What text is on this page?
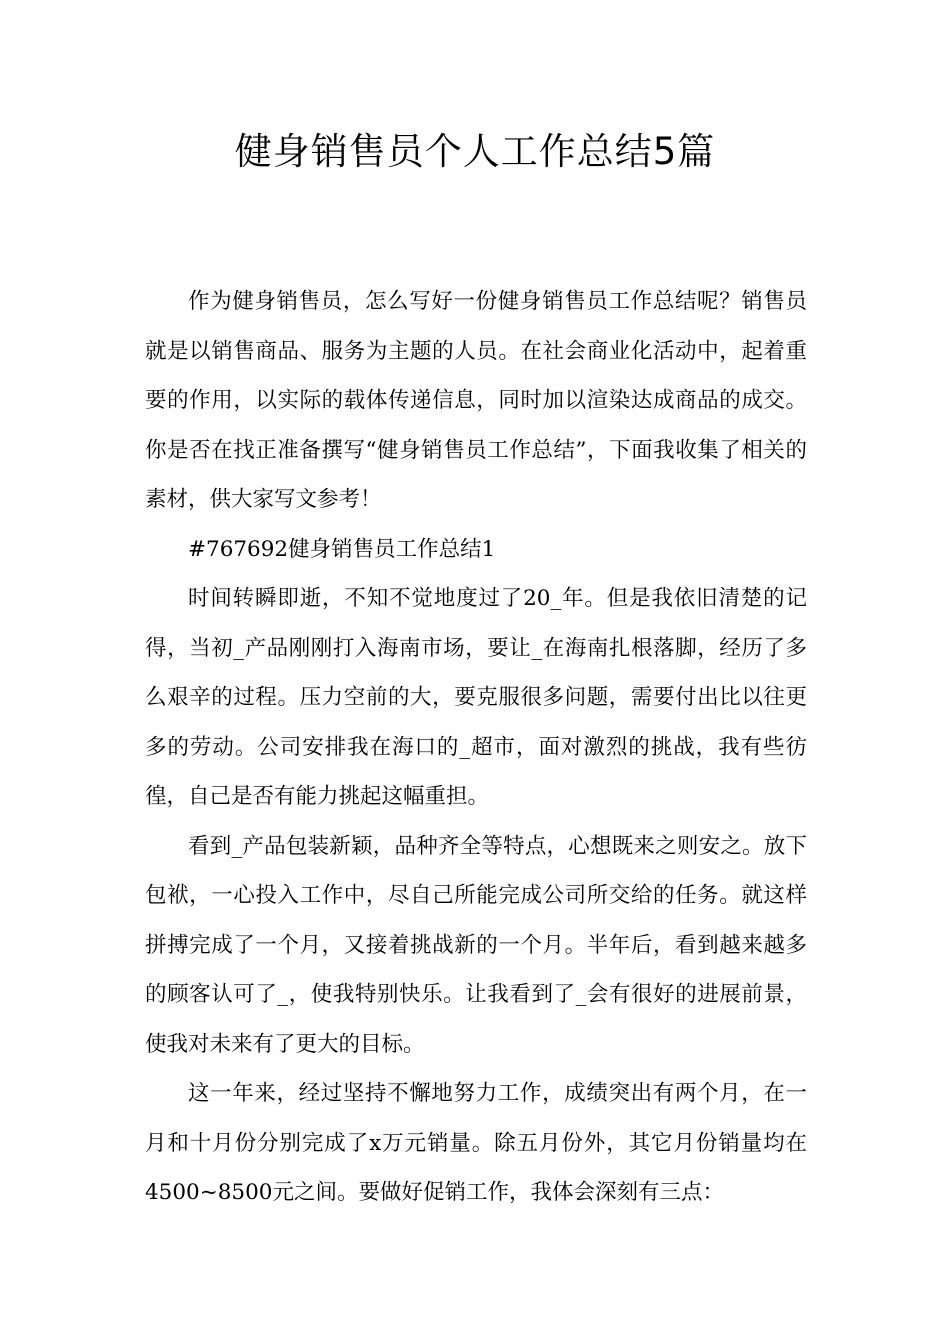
健身销售员个人工作总结5篇

作为健身销售员，怎么写好一份健身销售员工作总结呢？销售员就是以销售商品、服务为主题的人员。在社会商业化活动中，起着重要的作用，以实际的载体传递信息，同时加以渲染达成商品的成交。你是否在找正准备撰写“健身销售员工作总结”，下面我收集了相关的素材，供大家写文参考！

#767692健身销售员工作总结1

时间转瞬即逝，不知不觉地度过了20_年。但是我依旧清楚的记得，当初_产品刚刚打入海南市场，要让_在海南扎根落脚，经历了多么艰辛的过程。压力空前的大，要克服很多问题，需要付出比以往更多的劳动。公司安排我在海口的_超市，面对激烈的挑战，我有些彷徨，自己是否有能力挑起这幅重担。

看到_产品包装新颖，品种齐全等特点，心想既来之则安之。放下包袱，一心投入工作中，尽自己所能完成公司所交给的任务。就这样拼搏完成了一个月，又接着挑战新的一个月。半年后，看到越来越多的顾客认可了_，使我特别快乐。让我看到了_会有很好的进展前景，使我对未来有了更大的目标。

这一年来，经过坚持不懈地努力工作，成绩突出有两个月，在一月和十月份分别完成了x万元销量。除五月份外，其它月份销量均在4500~8500元之间。要做好促销工作，我体会深刻有三点：
